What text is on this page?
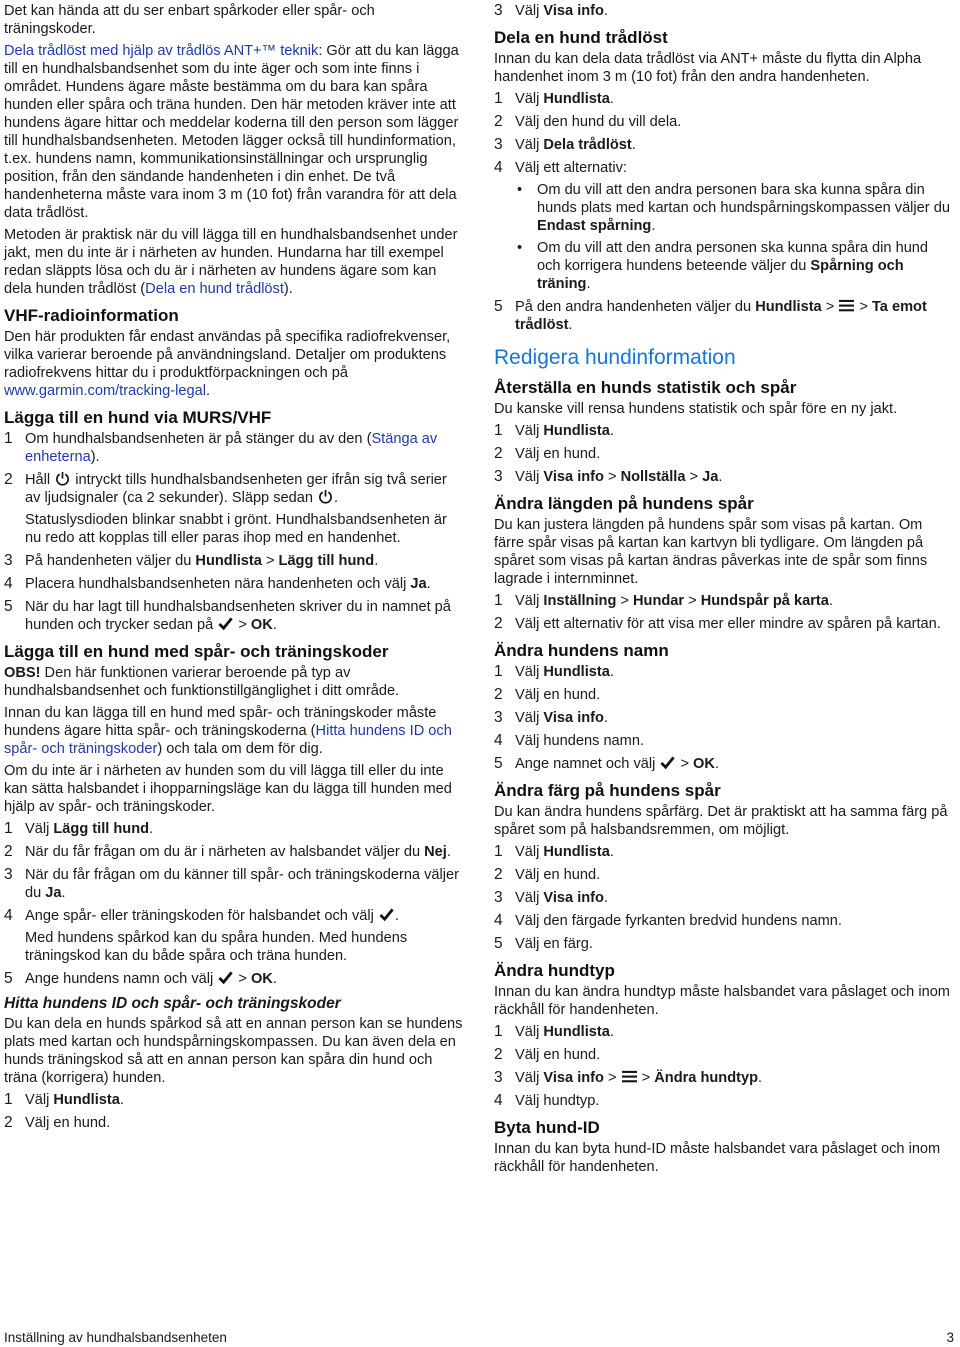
Det kan hända att du ser enbart spårkoder eller spår- och träningskoder.

Dela trådlöst med hjälp av trådlös ANT+™ teknik: Gör att du kan lägga till en hundhalsbandsenhet som du inte äger och som inte finns i området. Hundens ägare måste bestämma om du bara kan spåra hunden eller spåra och träna hunden. Den här metoden kräver inte att hundens ägare hittar och meddelar koderna till den person som lägger till hundhalsbandsenheten. Metoden lägger också till hundinformation, t.ex. hundens namn, kommunikationsinställningar och ursprunglig position, från den sändande handenheten i din enhet. De två handenheterna måste vara inom 3 m (10 fot) från varandra för att dela data trådlöst.

Metoden är praktisk när du vill lägga till en hundhalsbandsenhet under jakt, men du inte är i närheten av hunden. Hundarna har till exempel redan släppts lösa och du är i närheten av hundens ägare som kan dela hunden trådlöst (Dela en hund trådlöst).

VHF-radioinformation

Den här produkten får endast användas på specifika radiofrekvenser, vilka varierar beroende på användningsland. Detaljer om produktens radiofrekvens hittar du i produktförpackningen och på www.garmin.com/tracking-legal.

Lägga till en hund via MURS/VHF
1 Om hundhalsbandsenheten är på stänger du av den (Stänga av enheterna).
2 Håll  intryckt tills hundhalsbandsenheten ger ifrån sig två serier av ljudsignaler (ca 2 sekunder). Släpp sedan .
Statuslysdioden blinkar snabbt i grönt. Hundhalsbandsenheten är nu redo att kopplas till eller paras ihop med en handenhet.
3 På handenheten väljer du Hundlista > Lägg till hund.
4 Placera hundhalsbandsenheten nära handenheten och välj Ja.
5 När du har lagt till hundhalsbandsenheten skriver du in namnet på hunden och trycker sedan på  > OK.
Lägga till en hund med spår- och träningskoder

OBS! Den här funktionen varierar beroende på typ av hundhalsbandsenhet och funktionstillgänglighet i ditt område.

Innan du kan lägga till en hund med spår- och träningskoder måste hundens ägare hitta spår- och träningskoderna (Hitta hundens ID och spår- och träningskoder) och tala om dem för dig.

Om du inte är i närheten av hunden som du vill lägga till eller du inte kan sätta halsbandet i ihopparningsläge kan du lägga till hunden med hjälp av spår- och träningskoder.

1 Välj Lägg till hund.
2 När du får frågan om du är i närheten av halsbandet väljer du Nej.
3 När du får frågan om du känner till spår- och träningskoderna väljer du Ja.
4 Ange spår- eller träningskoden för halsbandet och välj .
Med hundens spårkod kan du spåra hunden. Med hundens träningskod kan du både spåra och träna hunden.
5 Ange hundens namn och välj  > OK.
Hitta hundens ID och spår- och träningskoder

Du kan dela en hunds spårkod så att en annan person kan se hundens plats med kartan och hundspårningskompassen. Du kan även dela en hunds träningskod så att en annan person kan spåra din hund och träna (korrigera) hunden.

1 Välj Hundlista.
2 Välj en hund.
3 Välj Visa info.
Dela en hund trådlöst

Innan du kan dela data trådlöst via ANT+ måste du flytta din Alpha handenhet inom 3 m (10 fot) från den andra handenheten.

1 Välj Hundlista.
2 Välj den hund du vill dela.
3 Välj Dela trådlöst.
4 Välj ett alternativ:
• Om du vill att den andra personen bara ska kunna spåra din hunds plats med kartan och hundspårningskompassen väljer du Endast spårning.
• Om du vill att den andra personen ska kunna spåra din hund och korrigera hundens beteende väljer du Spårning och träning.
5 På den andra handenheten väljer du Hundlista >  > Ta emot trådlöst.
Redigera hundinformation
Återställa en hunds statistik och spår

Du kanske vill rensa hundens statistik och spår före en ny jakt.

1 Välj Hundlista.
2 Välj en hund.
3 Välj Visa info > Nollställa > Ja.
Ändra längden på hundens spår

Du kan justera längden på hundens spår som visas på kartan. Om färre spår visas på kartan kan kartvyn bli tydligare. Om längden på spåret som visas på kartan ändras påverkas inte de spår som finns lagrade i internminnet.

1 Välj Inställning > Hundar > Hundspår på karta.
2 Välj ett alternativ för att visa mer eller mindre av spåren på kartan.
Ändra hundens namn
1 Välj Hundlista.
2 Välj en hund.
3 Välj Visa info.
4 Välj hundens namn.
5 Ange namnet och välj  > OK.
Ändra färg på hundens spår

Du kan ändra hundens spårfärg. Det är praktiskt att ha samma färg på spåret som på halsbandsremmen, om möjligt.

1 Välj Hundlista.
2 Välj en hund.
3 Välj Visa info.
4 Välj den färgade fyrkanten bredvid hundens namn.
5 Välj en färg.
Ändra hundtyp

Innan du kan ändra hundtyp måste halsbandet vara påslaget och inom räckhåll för handenheten.

1 Välj Hundlista.
2 Välj en hund.
3 Välj Visa info >  > Ändra hundtyp.
4 Välj hundtyp.
Byta hund-ID

Innan du kan byta hund-ID måste halsbandet vara påslaget och inom räckhåll för handenheten.

Inställning av hundhalsbandsenheten	3
